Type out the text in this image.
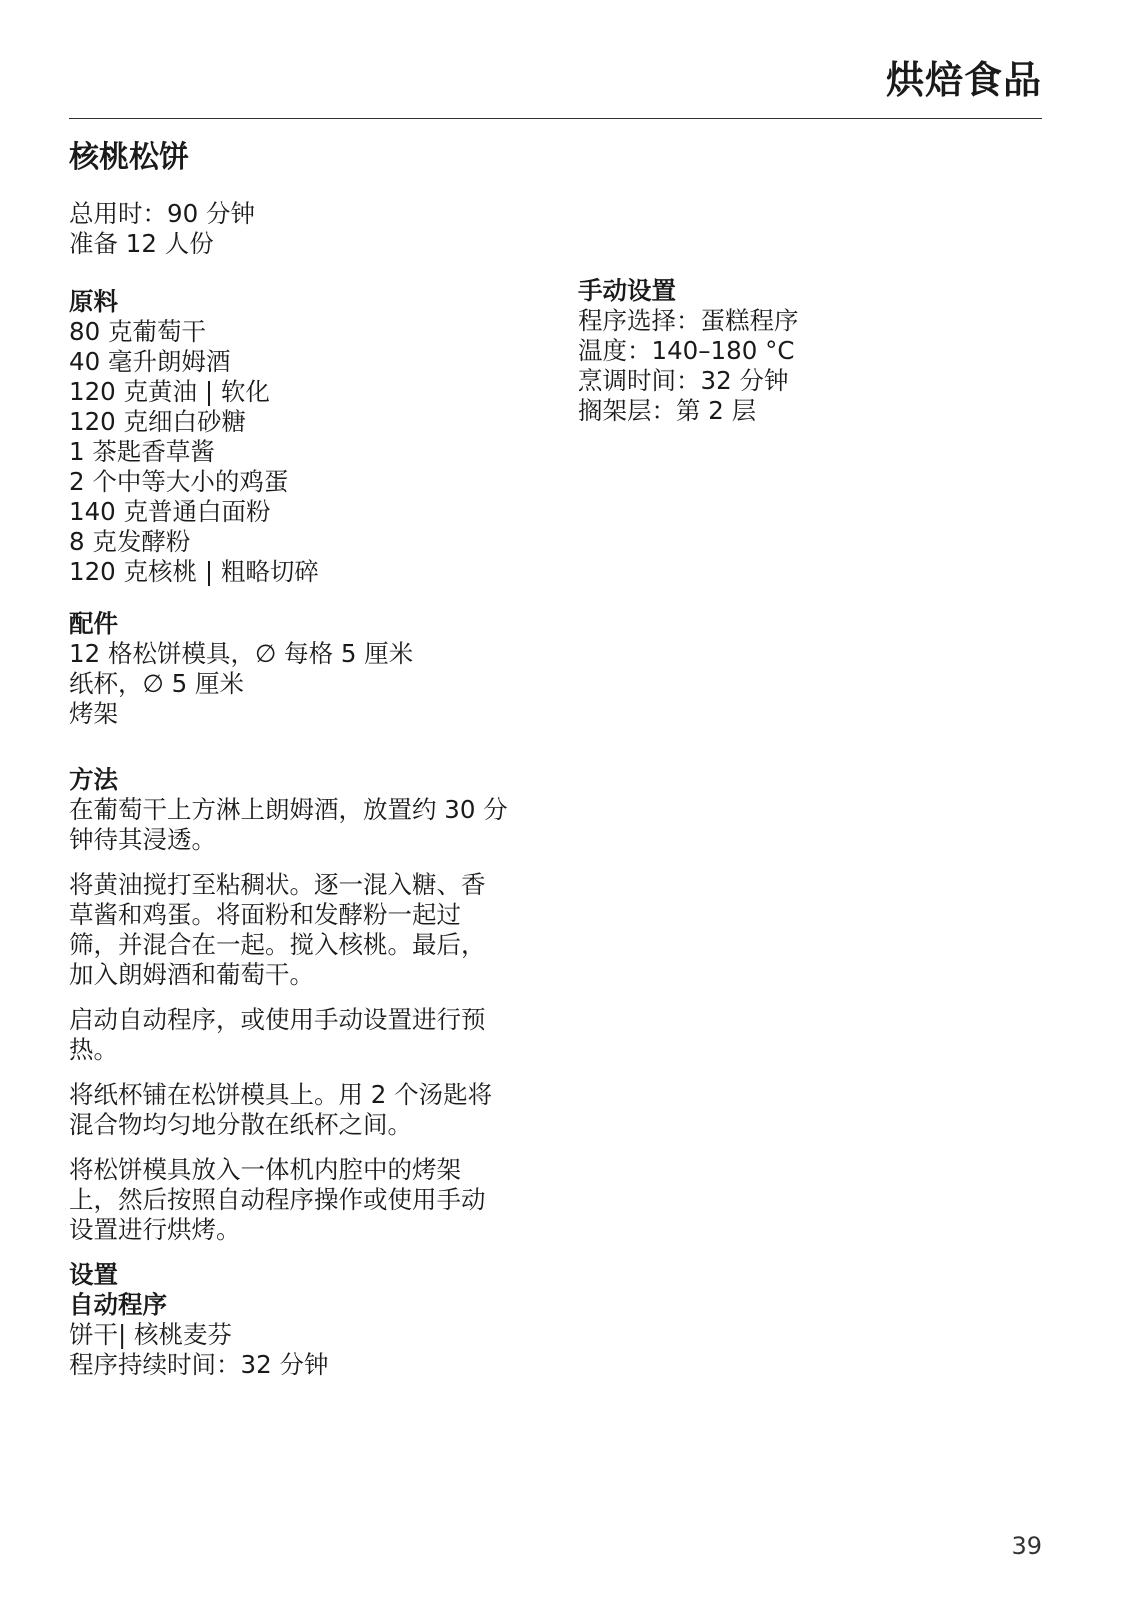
烘焙食品
核桃松饼

总用时：90 分钟

准备 12 人份

原料

80 克葡萄干

40 毫升朗姆酒

120 克黄油 | 软化

120 克细白砂糖

1 茶匙香草酱

2 个中等大小的鸡蛋

140 克普通白面粉

8 克发酵粉

120 克核桃 | 粗略切碎

配件

12 格松饼模具，∅ 每格 5 厘米

纸杯，∅ 5 厘米

烤架

方法

在葡萄干上方淋上朗姆酒，放置约 30 分
钟待其浸透。
将黄油搅打至粘稠状。逐一混入糖、香
草酱和鸡蛋。将面粉和发酵粉一起过
筛，并混合在一起。搅入核桃。最后，
加入朗姆酒和葡萄干。
启动自动程序，或使用手动设置进行预
热。
将纸杯铺在松饼模具上。用 2 个汤匙将
混合物均匀地分散在纸杯之间。
将松饼模具放入一体机内腔中的烤架
上，然后按照自动程序操作或使用手动
设置进行烘烤。

设置

自动程序

饼干| 核桃麦芬

程序持续时间：32 分钟

手动设置

程序选择：蛋糕程序

温度：140–180 °C

烹调时间：32 分钟

搁架层：第 2 层

39
